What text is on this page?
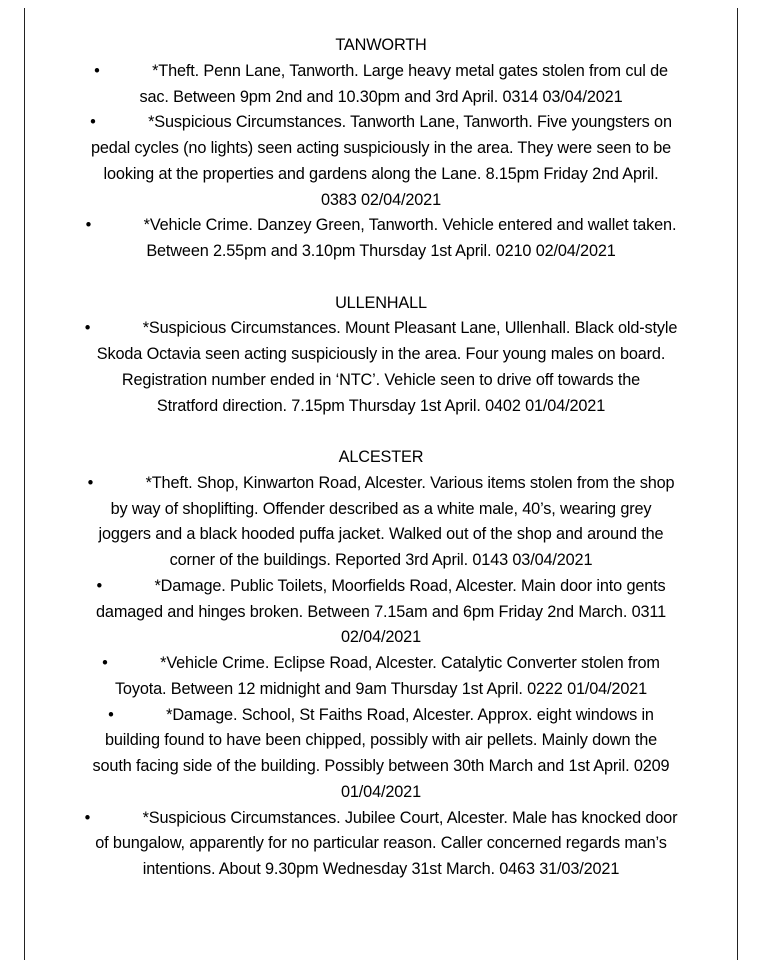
TANWORTH
•	*Theft. Penn Lane, Tanworth. Large heavy metal gates stolen from cul de
sac. Between 9pm 2nd and 10.30pm and 3rd April. 0314 03/04/2021
•	*Suspicious Circumstances. Tanworth Lane, Tanworth. Five youngsters on
pedal cycles (no lights) seen acting suspiciously in the area. They were seen to be
looking at the properties and gardens along the Lane. 8.15pm Friday 2nd April.
0383 02/04/2021
•	*Vehicle Crime. Danzey Green, Tanworth. Vehicle entered and wallet taken.
Between 2.55pm and 3.10pm Thursday 1st April. 0210 02/04/2021
ULLENHALL
•	*Suspicious Circumstances. Mount Pleasant Lane, Ullenhall. Black old-style
Skoda Octavia seen acting suspiciously in the area. Four young males on board.
Registration number ended in ‘NTC’. Vehicle seen to drive off towards the
Stratford direction. 7.15pm Thursday 1st April. 0402 01/04/2021
ALCESTER
•	*Theft. Shop, Kinwarton Road, Alcester. Various items stolen from the shop
by way of shoplifting. Offender described as a white male, 40’s, wearing grey
joggers and a black hooded puffa jacket. Walked out of the shop and around the
corner of the buildings. Reported 3rd April. 0143 03/04/2021
•	*Damage. Public Toilets, Moorfields Road, Alcester. Main door into gents
damaged and hinges broken. Between 7.15am and 6pm Friday 2nd March. 0311
02/04/2021
•	*Vehicle Crime. Eclipse Road, Alcester. Catalytic Converter stolen from
Toyota. Between 12 midnight and 9am Thursday 1st April. 0222 01/04/2021
•	*Damage. School, St Faiths Road, Alcester. Approx. eight windows in
building found to have been chipped, possibly with air pellets. Mainly down the
south facing side of the building. Possibly between 30th March and 1st April. 0209
01/04/2021
•	*Suspicious Circumstances. Jubilee Court, Alcester. Male has knocked door
of bungalow, apparently for no particular reason. Caller concerned regards man’s
intentions. About 9.30pm Wednesday 31st March. 0463 31/03/2021
